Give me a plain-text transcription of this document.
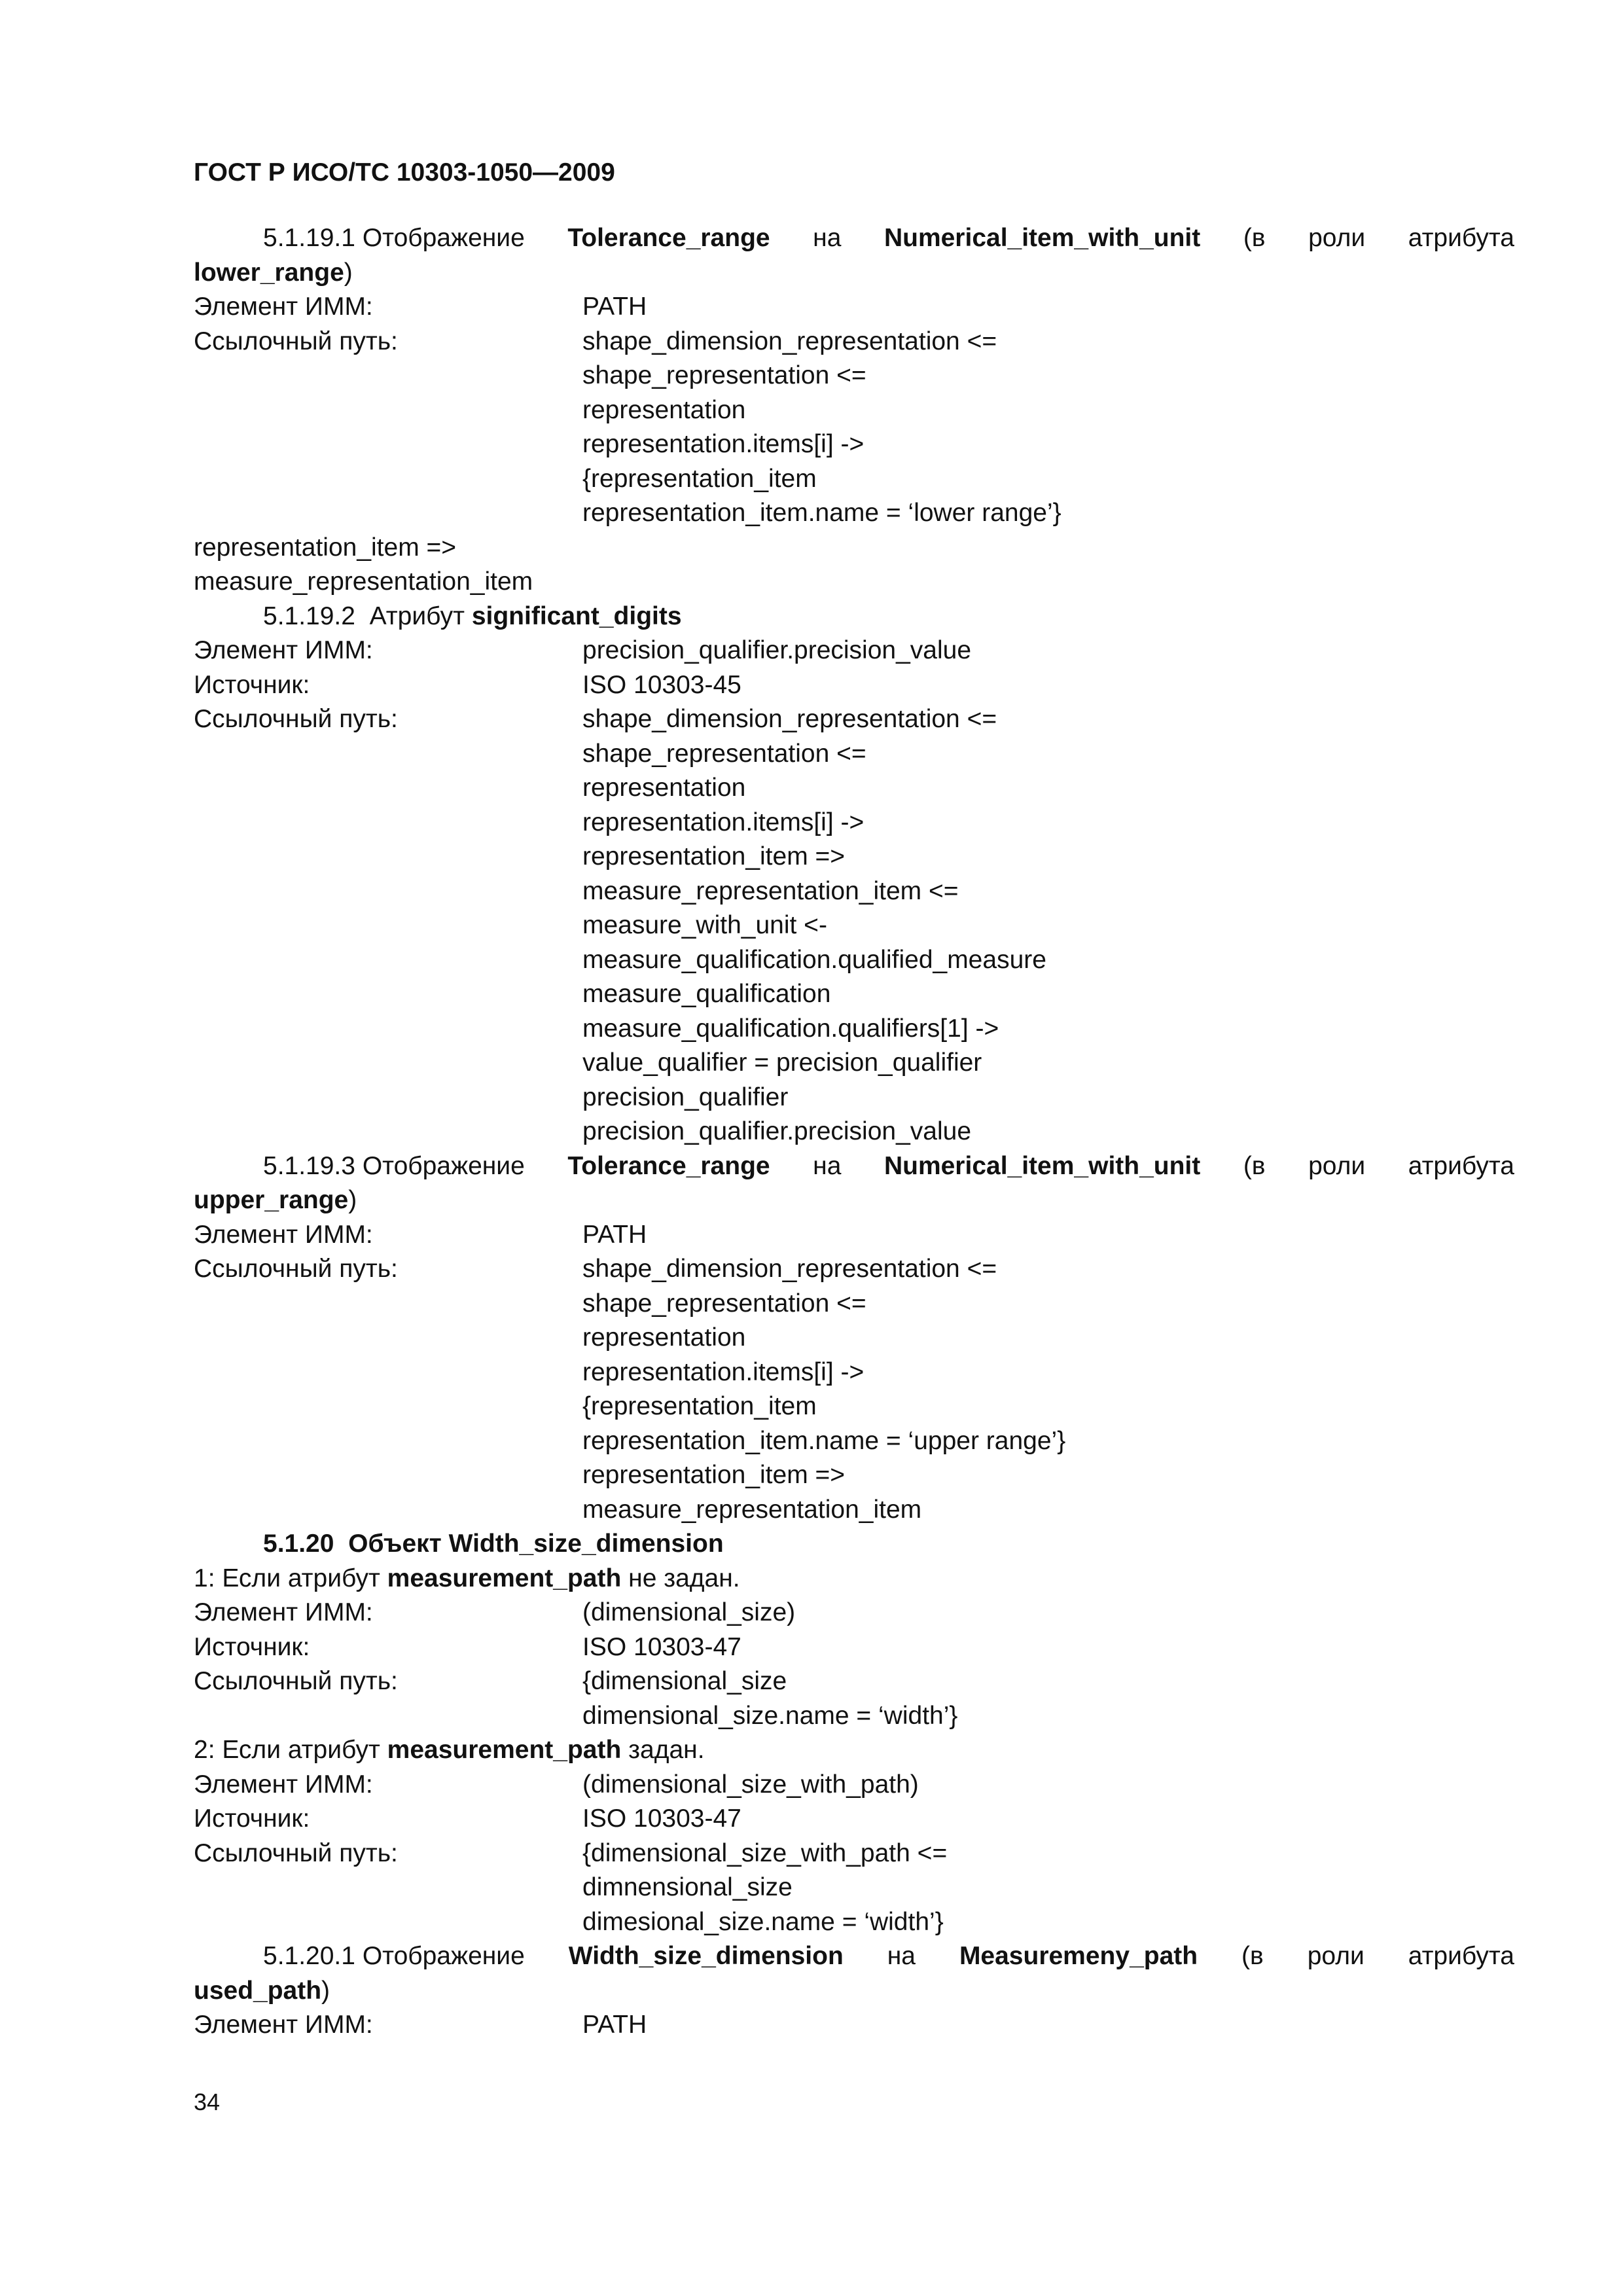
ГОСТ Р ИСО/ТС 10303-1050—2009
5.1.19.1 Отображение Tolerance_range на Numerical_item_with_unit (в роли атрибута
lower_range)
Элемент ИММ:	PATH
Ссылочный путь:	shape_dimension_representation <=
shape_representation <=
representation
representation.items[i] ->
{representation_item
representation_item.name = ‘lower range’}
representation_item =>
measure_representation_item
5.1.19.2 Атрибут significant_digits
Элемент ИММ:	precision_qualifier.precision_value
Источник:	ISO 10303-45
Ссылочный путь:	shape_dimension_representation <=
shape_representation <=
representation
representation.items[i] ->
representation_item =>
measure_representation_item <=
measure_with_unit <-
measure_qualification.qualified_measure
measure_qualification
measure_qualification.qualifiers[1] ->
value_qualifier = precision_qualifier
precision_qualifier
precision_qualifier.precision_value
5.1.19.3 Отображение Tolerance_range на Numerical_item_with_unit (в роли атрибута
upper_range)
Элемент ИММ:	PATH
Ссылочный путь:	shape_dimension_representation <=
shape_representation <=
representation
representation.items[i] ->
{representation_item
representation_item.name = ‘upper range’}
representation_item =>
measure_representation_item
5.1.20 Объект Width_size_dimension
1: Если атрибут measurement_path не задан.
Элемент ИММ:	(dimensional_size)
Источник:	ISO 10303-47
Ссылочный путь:	{dimensional_size
dimensional_size.name = ‘width’}
2: Если атрибут measurement_path задан.
Элемент ИММ:	(dimensional_size_with_path)
Источник:	ISO 10303-47
Ссылочный путь:	{dimensional_size_with_path <=
dimnensional_size
dimesional_size.name = ‘width’}
5.1.20.1 Отображение Width_size_dimension на Measuremeny_path (в роли атрибута
used_path)
Элемент ИММ:	PATH
34
